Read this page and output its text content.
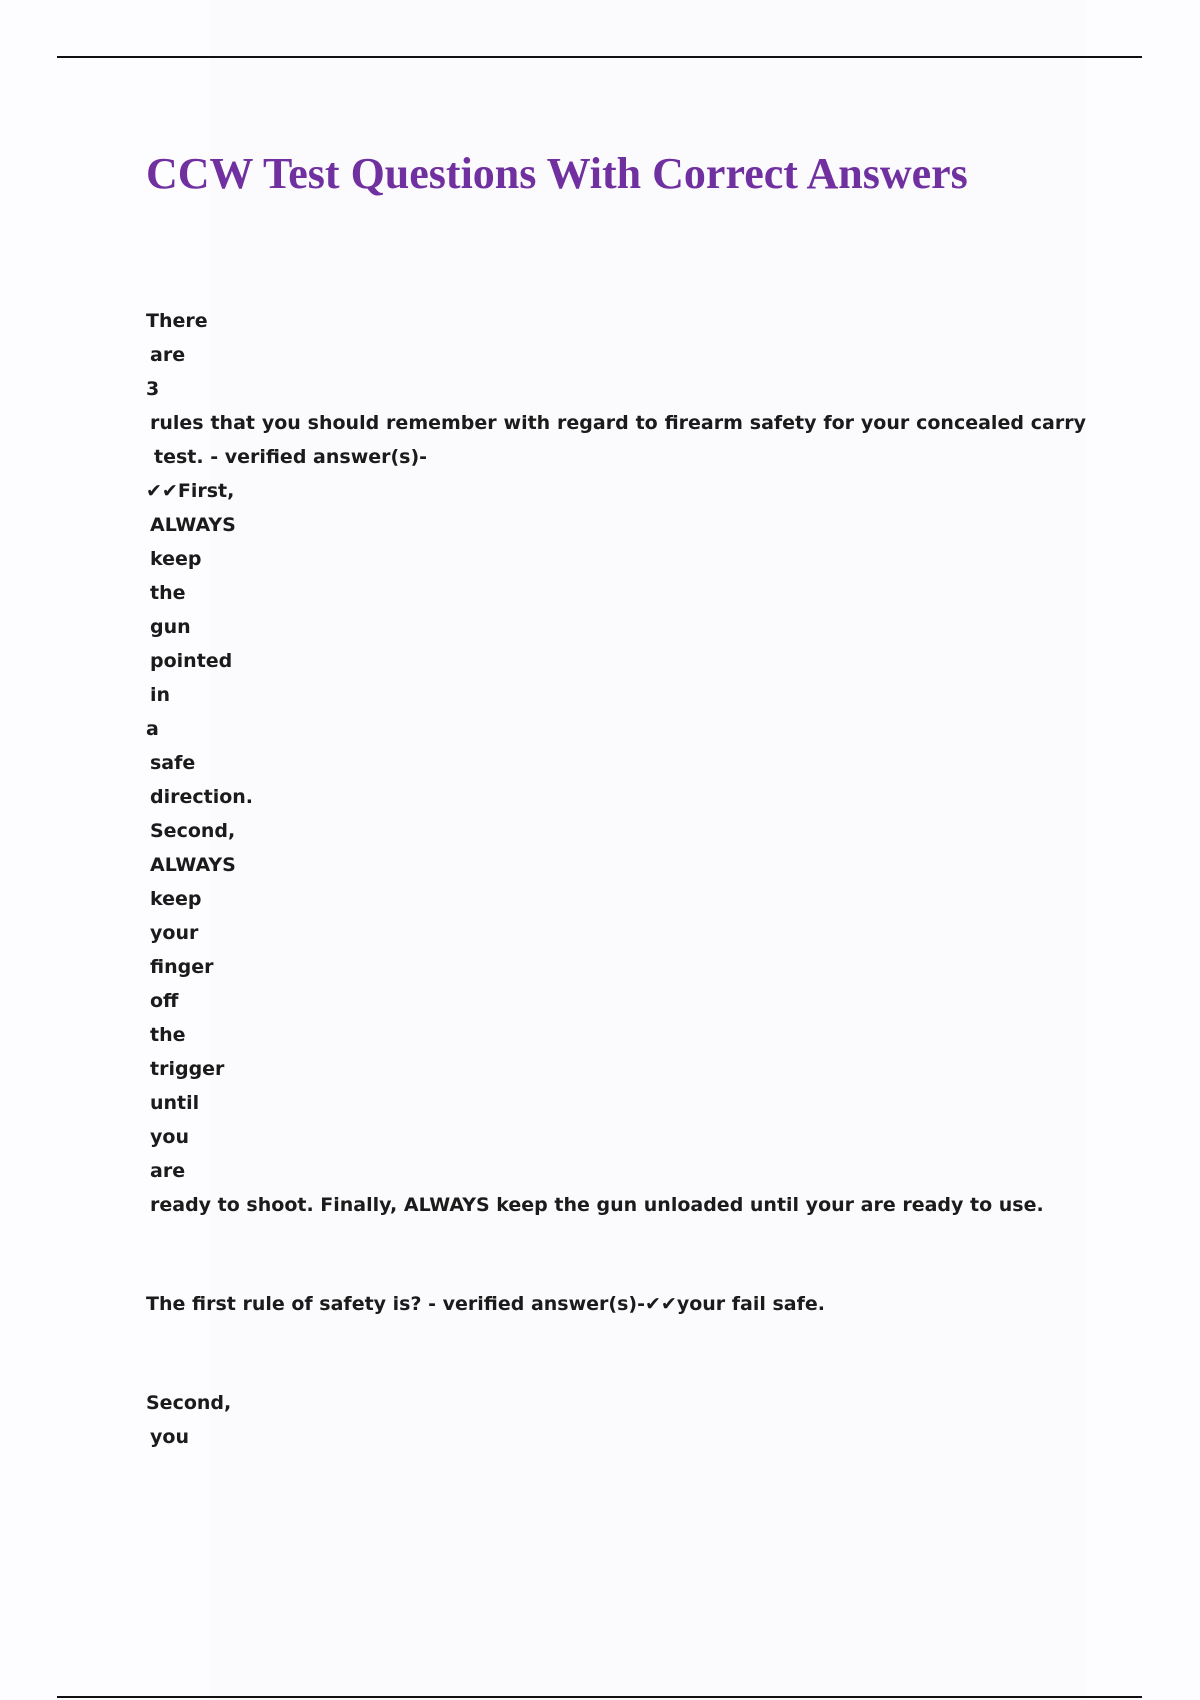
CCW Test Questions With Correct Answers
There
are
3
rules that you should remember with regard to firearm safety for your concealed carry
test. - verified answer(s)-
✔✔First,
ALWAYS
keep
the
gun
pointed
in
a
safe
direction.
Second,
ALWAYS
keep
your
finger
off
the
trigger
until
you
are
ready to shoot. Finally, ALWAYS keep the gun unloaded until your are ready to use.
The first rule of safety is? - verified answer(s)-✔✔your fail safe.
Second,
you
